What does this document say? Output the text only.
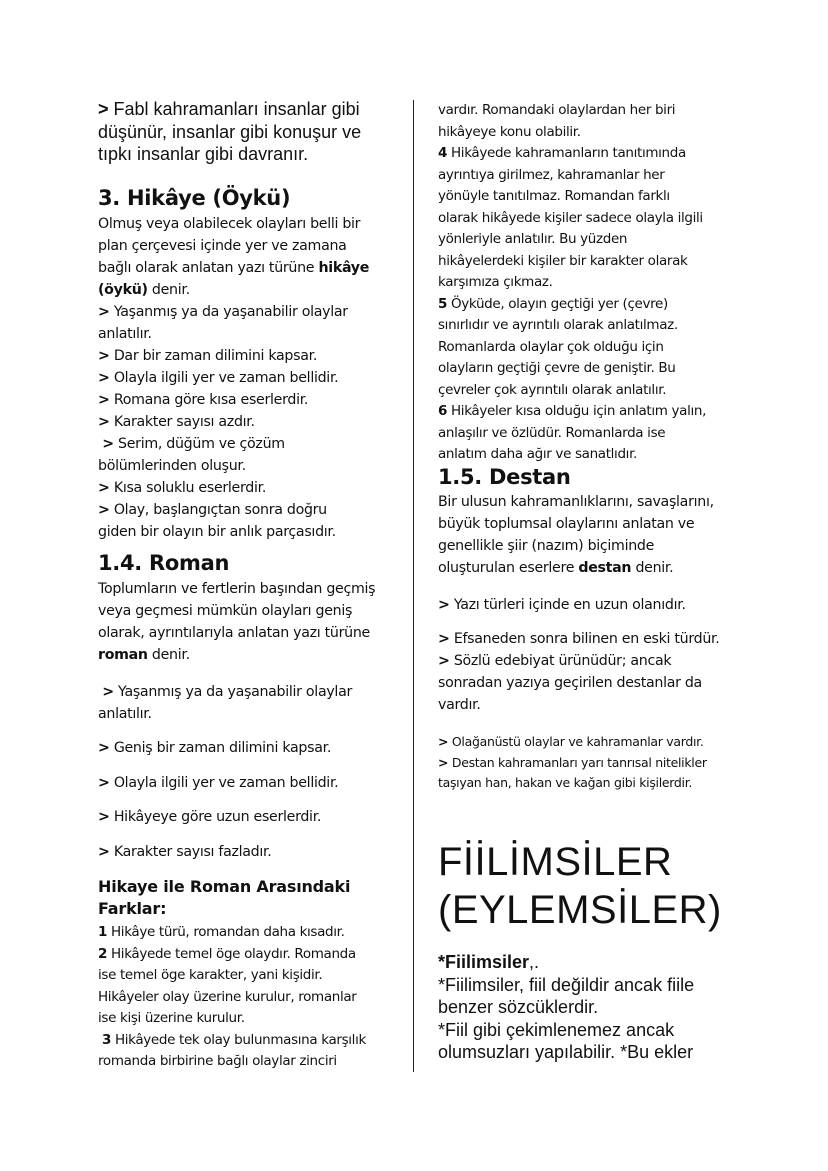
> Fabl kahramanları insanlar gibi
düşünür, insanlar gibi konuşur ve
tıpkı insanlar gibi davranır.
3. Hikâye (Öykü)
Olmuş veya olabilecek olayları belli bir
plan çerçevesi içinde yer ve zamana
bağlı olarak anlatan yazı türüne hikâye
(öykü) denir.
> Yaşanmış ya da yaşanabilir olaylar
anlatılır.
> Dar bir zaman dilimini kapsar.
> Olayla ilgili yer ve zaman bellidir.
> Romana göre kısa eserlerdir.
> Karakter sayısı azdır.
> Serim, düğüm ve çözüm
bölümlerinden oluşur.
> Kısa soluklu eserlerdir.
> Olay, başlangıçtan sonra doğru
giden bir olayın bir anlık parçasıdır.
1.4. Roman
Toplumların ve fertlerin başından geçmiş
veya geçmesi mümkün olayları geniş
olarak, ayrıntılarıyla anlatan yazı türüne
roman denir.
> Yaşanmış ya da yaşanabilir olaylar
anlatılır.
> Geniş bir zaman dilimini kapsar.
> Olayla ilgili yer ve zaman bellidir.
> Hikâyeye göre uzun eserlerdir.
> Karakter sayısı fazladır.
Hikaye ile Roman Arasındaki
Farklar:
1 Hikâye türü, romandan daha kısadır.
2 Hikâyede temel öge olaydır. Romanda
ise temel öge karakter, yani kişidir.
Hikâyeler olay üzerine kurulur, romanlar
ise kişi üzerine kurulur.
3 Hikâyede tek olay bulunmasına karşılık
romanda birbirine bağlı olaylar zinciri
vardır. Romandaki olaylardan her biri
hikâyeye konu olabilir.
4 Hikâyede kahramanların tanıtımında
ayrıntıya girilmez, kahramanlar her
yönüyle tanıtılmaz. Romandan farklı
olarak hikâyede kişiler sadece olayla ilgili
yönleriyle anlatılır. Bu yüzden
hikâyelerdeki kişiler bir karakter olarak
karşımıza çıkmaz.
5 Öyküde, olayın geçtiği yer (çevre)
sınırlıdır ve ayrıntılı olarak anlatılmaz.
Romanlarda olaylar çok olduğu için
olayların geçtiği çevre de geniştir. Bu
çevreler çok ayrıntılı olarak anlatılır.
6 Hikâyeler kısa olduğu için anlatım yalın,
anlaşılır ve özlüdür. Romanlarda ise
anlatım daha ağır ve sanatlıdır.
1.5. Destan
Bir ulusun kahramanlıklarını, savaşlarını,
büyük toplumsal olaylarını anlatan ve
genellikle şiir (nazım) biçiminde
oluşturulan eserlere destan denir.
> Yazı türleri içinde en uzun olanıdır.
> Efsaneden sonra bilinen en eski türdür.
> Sözlü edebiyat ürünüdür; ancak
sonradan yazıya geçirilen destanlar da
vardır.
> Olağanüstü olaylar ve kahramanlar vardır.
> Destan kahramanları yarı tanrısal nitelikler
taşıyan han, hakan ve kağan gibi kişilerdir.
FİİLİMSİLER
(EYLEMSİLER)
*Fiilimsiler,.
*Fiilimsiler, fiil değildir ancak fiile
benzer sözcüklerdir.
*Fiil gibi çekimlenemez ancak
olumsuzları yapılabilir. *Bu ekler
